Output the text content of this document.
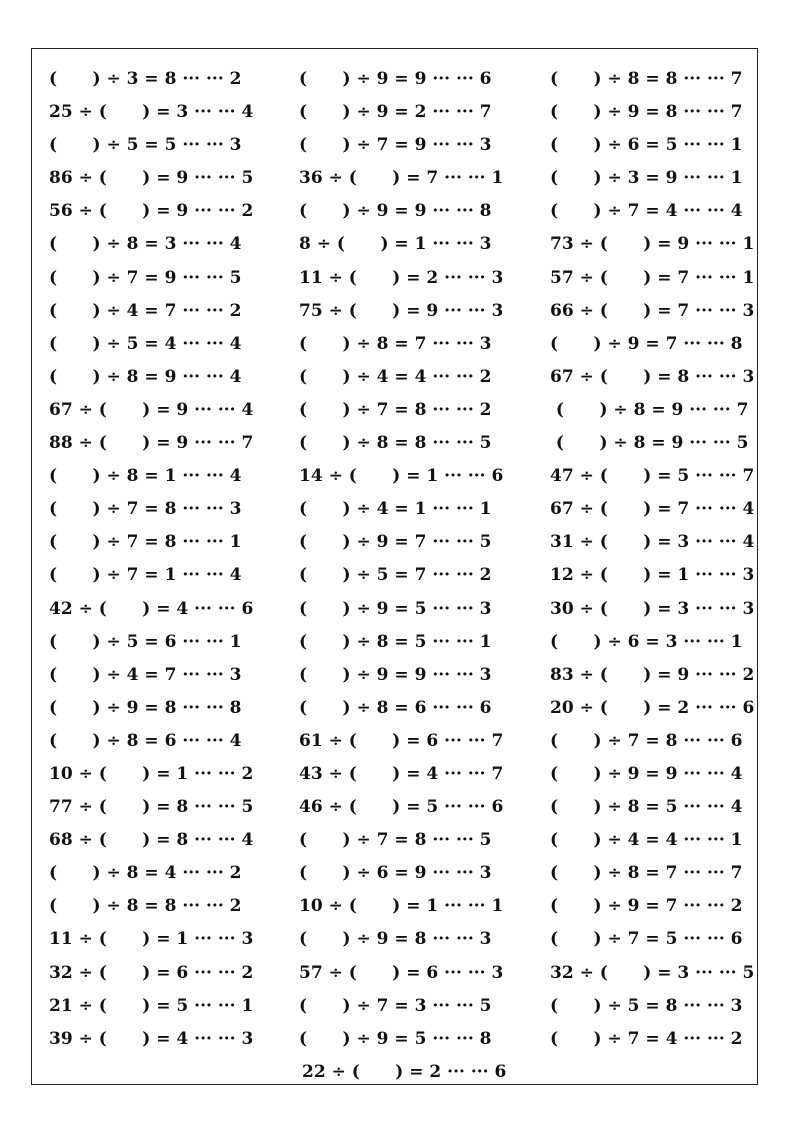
(      ) ÷ 3 = 8 ··· ··· 2
25 ÷ (      ) = 3 ··· ··· 4
(      ) ÷ 5 = 5 ··· ··· 3
86 ÷ (      ) = 9 ··· ··· 5
56 ÷ (      ) = 9 ··· ··· 2
(      ) ÷ 8 = 3 ··· ··· 4
(      ) ÷ 7 = 9 ··· ··· 5
(      ) ÷ 4 = 7 ··· ··· 2
(      ) ÷ 5 = 4 ··· ··· 4
(      ) ÷ 8 = 9 ··· ··· 4
67 ÷ (      ) = 9 ··· ··· 4
88 ÷ (      ) = 9 ··· ··· 7
(      ) ÷ 8 = 1 ··· ··· 4
(      ) ÷ 7 = 8 ··· ··· 3
(      ) ÷ 7 = 8 ··· ··· 1
(      ) ÷ 7 = 1 ··· ··· 4
42 ÷ (      ) = 4 ··· ··· 6
(      ) ÷ 5 = 6 ··· ··· 1
(      ) ÷ 4 = 7 ··· ··· 3
(      ) ÷ 9 = 8 ··· ··· 8
(      ) ÷ 8 = 6 ··· ··· 4
10 ÷ (      ) = 1 ··· ··· 2
77 ÷ (      ) = 8 ··· ··· 5
68 ÷ (      ) = 8 ··· ··· 4
(      ) ÷ 8 = 4 ··· ··· 2
(      ) ÷ 8 = 8 ··· ··· 2
11 ÷ (      ) = 1 ··· ··· 3
32 ÷ (      ) = 6 ··· ··· 2
21 ÷ (      ) = 5 ··· ··· 1
39 ÷ (      ) = 4 ··· ··· 3
(      ) ÷ 9 = 9 ··· ··· 6
(      ) ÷ 9 = 2 ··· ··· 7
(      ) ÷ 7 = 9 ··· ··· 3
36 ÷ (      ) = 7 ··· ··· 1
(      ) ÷ 9 = 9 ··· ··· 8
8 ÷ (      ) = 1 ··· ··· 3
11 ÷ (      ) = 2 ··· ··· 3
75 ÷ (      ) = 9 ··· ··· 3
(      ) ÷ 8 = 7 ··· ··· 3
(      ) ÷ 4 = 4 ··· ··· 2
(      ) ÷ 7 = 8 ··· ··· 2
(      ) ÷ 8 = 8 ··· ··· 5
14 ÷ (      ) = 1 ··· ··· 6
(      ) ÷ 4 = 1 ··· ··· 1
(      ) ÷ 9 = 7 ··· ··· 5
(      ) ÷ 5 = 7 ··· ··· 2
(      ) ÷ 9 = 5 ··· ··· 3
(      ) ÷ 8 = 5 ··· ··· 1
(      ) ÷ 9 = 9 ··· ··· 3
(      ) ÷ 8 = 6 ··· ··· 6
61 ÷ (      ) = 6 ··· ··· 7
43 ÷ (      ) = 4 ··· ··· 7
46 ÷ (      ) = 5 ··· ··· 6
(      ) ÷ 7 = 8 ··· ··· 5
(      ) ÷ 6 = 9 ··· ··· 3
10 ÷ (      ) = 1 ··· ··· 1
(      ) ÷ 9 = 8 ··· ··· 3
57 ÷ (      ) = 6 ··· ··· 3
(      ) ÷ 7 = 3 ··· ··· 5
(      ) ÷ 9 = 5 ··· ··· 8
22 ÷ (      ) = 2 ··· ··· 6
(      ) ÷ 8 = 8 ··· ··· 7
(      ) ÷ 9 = 8 ··· ··· 7
(      ) ÷ 6 = 5 ··· ··· 1
(      ) ÷ 3 = 9 ··· ··· 1
(      ) ÷ 7 = 4 ··· ··· 4
73 ÷ (      ) = 9 ··· ··· 1
57 ÷ (      ) = 7 ··· ··· 1
66 ÷ (      ) = 7 ··· ··· 3
(      ) ÷ 9 = 7 ··· ··· 8
67 ÷ (      ) = 8 ··· ··· 3
(      ) ÷ 8 = 9 ··· ··· 7
(      ) ÷ 8 = 9 ··· ··· 5
47 ÷ (      ) = 5 ··· ··· 7
67 ÷ (      ) = 7 ··· ··· 4
31 ÷ (      ) = 3 ··· ··· 4
12 ÷ (      ) = 1 ··· ··· 3
30 ÷ (      ) = 3 ··· ··· 3
(      ) ÷ 6 = 3 ··· ··· 1
83 ÷ (      ) = 9 ··· ··· 2
20 ÷ (      ) = 2 ··· ··· 6
(      ) ÷ 7 = 8 ··· ··· 6
(      ) ÷ 9 = 9 ··· ··· 4
(      ) ÷ 8 = 5 ··· ··· 4
(      ) ÷ 4 = 4 ··· ··· 1
(      ) ÷ 8 = 7 ··· ··· 7
(      ) ÷ 9 = 7 ··· ··· 2
(      ) ÷ 7 = 5 ··· ··· 6
32 ÷ (      ) = 3 ··· ··· 5
(      ) ÷ 5 = 8 ··· ··· 3
(      ) ÷ 7 = 4 ··· ··· 2
